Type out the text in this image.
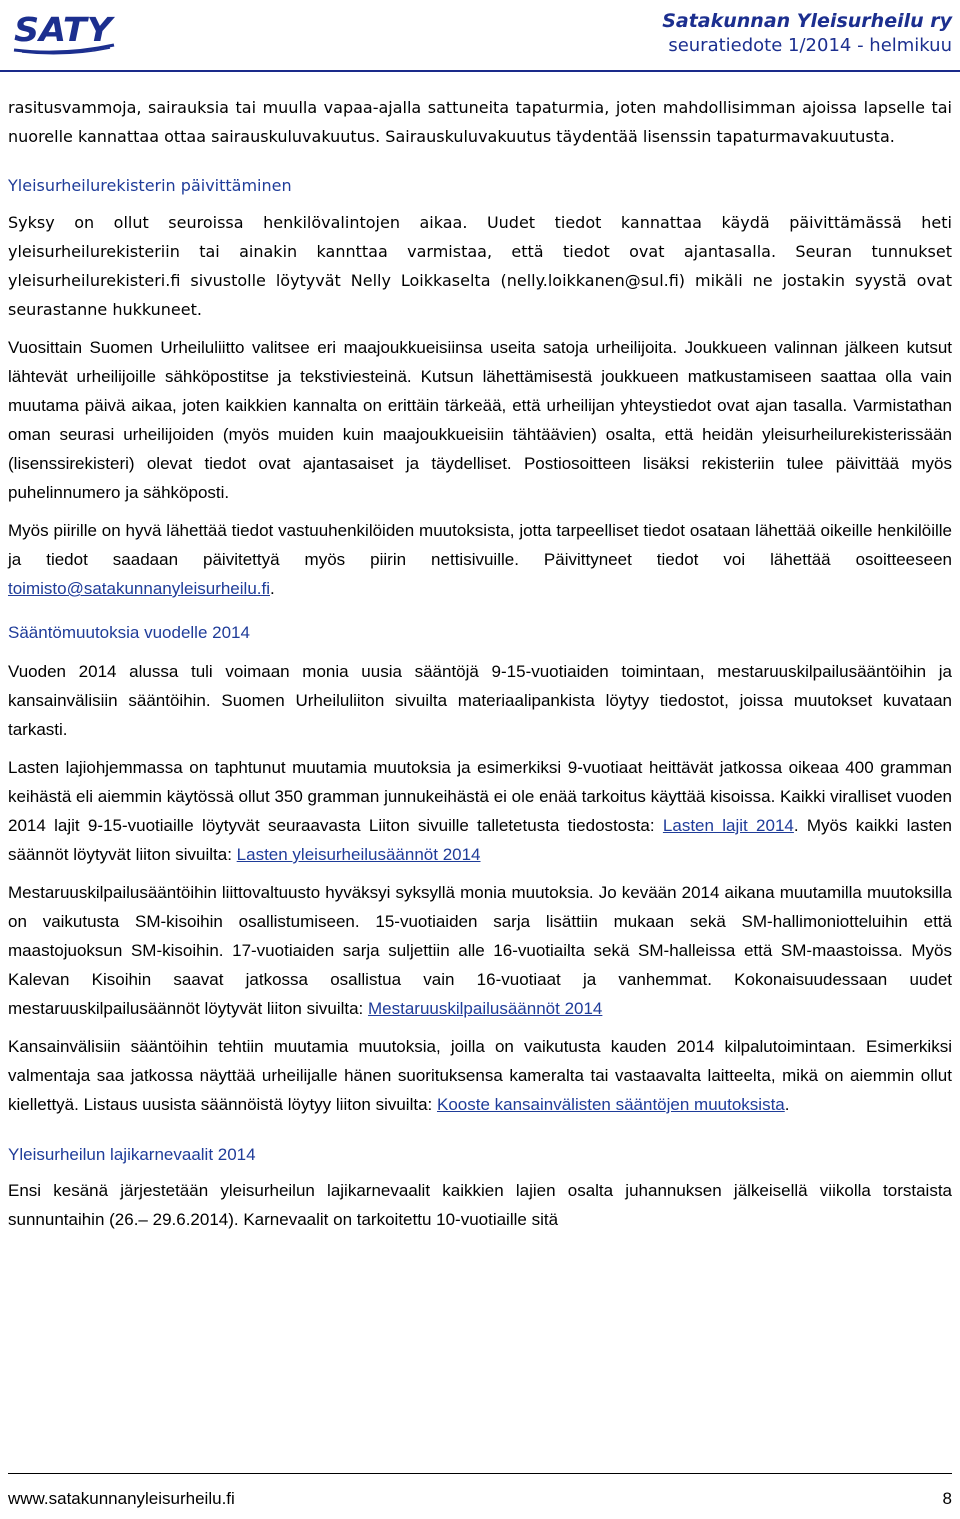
SATY	Satakunnan Yleisurheilu ry
seuratiedote 1/2014 - helmikuu

rasitusvammoja, sairauksia tai muulla vapaa-ajalla sattuneita tapaturmia, joten mahdollisimman ajoissa lapselle tai nuorelle kannattaa ottaa sairauskuluvakuutus. Sairauskuluvakuutus täydentää lisenssin tapaturmavakuutusta.

Yleisurheilurekisterin päivittäminen

Syksy on ollut seuroissa henkilövalintojen aikaa. Uudet tiedot kannattaa käydä päivittämässä heti yleisurheilurekisteriin tai ainakin kannttaa varmistaa, että tiedot ovat ajantasalla. Seuran tunnukset yleisurheilurekisteri.fi sivustolle löytyvät Nelly Loikkaselta (nelly.loikkanen@sul.fi) mikäli ne jostakin syystä ovat seurastanne hukkuneet.

Vuosittain Suomen Urheiluliitto valitsee eri maajoukkueisiinsa useita satoja urheilijoita. Joukkueen valinnan jälkeen kutsut lähtevät urheilijoille sähköpostitse ja tekstiviesteinä. Kutsun lähettämisestä joukkueen matkustamiseen saattaa olla vain muutama päivä aikaa, joten kaikkien kannalta on erittäin tärkeää, että urheilijan yhteystiedot ovat ajan tasalla. Varmistathan oman seurasi urheilijoiden (myös muiden kuin maajoukkueisiin tähtäävien) osalta, että heidän yleisurheilurekisterissään (lisenssirekisteri) olevat tiedot ovat ajantasaiset ja täydelliset. Postiosoitteen lisäksi rekisteriin tulee päivittää myös puhelinnumero ja sähköposti.

Myös piirille on hyvä lähettää tiedot vastuuhenkilöiden muutoksista, jotta tarpeelliset tiedot osataan lähettää oikeille henkilöille ja tiedot saadaan päivitettyä myös piirin nettisivuille. Päivittyneet tiedot voi lähettää osoitteeseen toimisto@satakunnanyleisurheilu.fi.

Sääntömuutoksia vuodelle 2014

Vuoden 2014 alussa tuli voimaan monia uusia sääntöjä 9-15-vuotiaiden toimintaan, mestaruuskilpailusääntöihin ja kansainvälisiin sääntöihin. Suomen Urheiluliiton sivuilta materiaalipankista löytyy tiedostot, joissa muutokset kuvataan tarkasti.

Lasten lajiohjemmassa on taphtunut muutamia muutoksia ja esimerkiksi 9-vuotiaat heittävät jatkossa oikeaa 400 gramman keihästä eli aiemmin käytössä ollut 350 gramman junnukeihästä ei ole enää tarkoitus käyttää kisoissa. Kaikki viralliset vuoden 2014 lajit 9-15-vuotiaille löytyvät seuraavasta Liiton sivuille talletetusta tiedostosta: Lasten lajit 2014. Myös kaikki lasten säännöt löytyvät liiton sivuilta: Lasten yleisurheilusäännöt 2014

Mestaruuskilpailusääntöihin liittovaltuusto hyväksyi syksyllä monia muutoksia. Jo kevään 2014 aikana muutamilla muutoksilla on vaikutusta SM-kisoihin osallistumiseen. 15-vuotiaiden sarja lisättiin mukaan sekä SM-hallimoniotteluihin että maastojuoksun SM-kisoihin. 17-vuotiaiden sarja suljettiin alle 16-vuotiailta sekä SM-halleissa että SM-maastoissa. Myös Kalevan Kisoihin saavat jatkossa osallistua vain 16-vuotiaat ja vanhemmat. Kokonaisuudessaan uudet mestaruuskilpailusäännöt löytyvät liiton sivuilta: Mestaruuskilpailusäännöt 2014

Kansainvälisiin sääntöihin tehtiin muutamia muutoksia, joilla on vaikutusta kauden 2014 kilpalutoimintaan. Esimerkiksi valmentaja saa jatkossa näyttää urheilijalle hänen suorituksensa kameralta tai vastaavalta laitteelta, mikä on aiemmin ollut kiellettyä. Listaus uusista säännöistä löytyy liiton sivuilta: Kooste kansainvälisten sääntöjen muutoksista.

Yleisurheilun lajikarnevaalit 2014

Ensi kesänä järjestetään yleisurheilun lajikarnevaalit kaikkien lajien osalta juhannuksen jälkeisellä viikolla torstaista sunnuntaihin (26.– 29.6.2014). Karnevaalit on tarkoitettu 10-vuotiaille sitä

www.satakunnanyleisurheilu.fi	8
